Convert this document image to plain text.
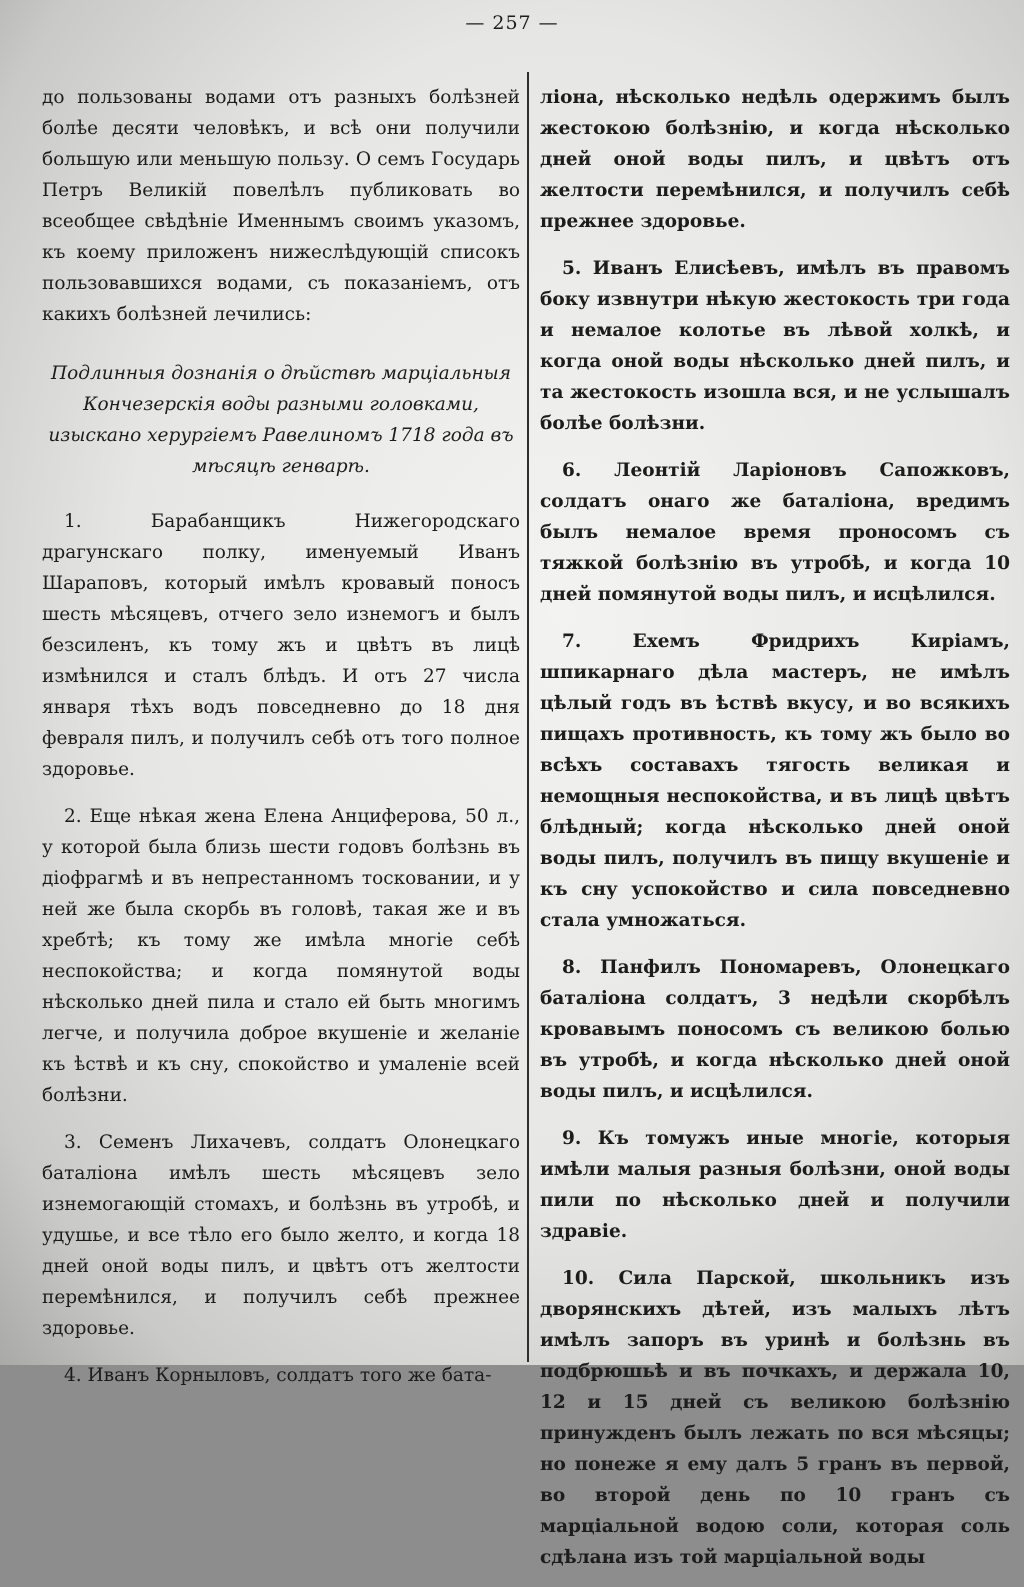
— 257 —

до пользованы водами отъ разныхъ болѣзней болѣе десяти человѣкъ, и всѣ они получили большую или меньшую пользу. О семъ Государь Петръ Великій повелѣлъ публиковать во всеобщее свѣдѣніе Именнымъ своимъ указомъ, къ коему приложенъ нижеслѣдующій списокъ пользовавшихся водами, съ показаніемъ, отъ какихъ болѣзней лечились:

Подлинныя дознанія о дѣйствѣ марціальныя Кончезерскія воды разными головками, изыскано херургіемъ Равелиномъ 1718 года въ мѣсяцѣ генварѣ.

1. Барабанщикъ Нижегородскаго драгунскаго полку, именуемый Иванъ Шараповъ, который имѣлъ кровавый поносъ шесть мѣсяцевъ, отчего зело изнемогъ и былъ безсиленъ, къ тому жъ и цвѣтъ въ лицѣ измѣнился и сталъ блѣдъ. И отъ 27 числа января тѣхъ водъ повседневно до 18 дня февраля пилъ, и получилъ себѣ отъ того полное здоровье.

2. Еще нѣкая жена Елена Анциферова, 50 л., у которой была близь шести годовъ болѣзнь въ діофрагмѣ и въ непрестанномъ тосковании, и у ней же была скорбь въ головѣ, такая же и въ хребтѣ; къ тому же имѣла многіе себѣ неспокойства; и когда помянутой воды нѣсколько дней пила и стало ей быть многимъ легче, и получила доброе вкушеніе и желаніе къ ѣствѣ и къ сну, спокойство и умаленіе всей болѣзни.

3. Семенъ Лихачевъ, солдатъ Олонецкаго баталіона имѣлъ шесть мѣсяцевъ зело изнемогающій стомахъ, и болѣзнь въ утробѣ, и удушье, и все тѣло его было желто, и когда 18 дней оной воды пилъ, и цвѣтъ отъ желтости перемѣнился, и получилъ себѣ прежнее здоровье.

4. Иванъ Корныловъ, солдатъ того же бата-

ліона, нѣсколько недѣль одержимъ былъ жестокою болѣзнію, и когда нѣсколько дней оной воды пилъ, и цвѣтъ отъ желтости перемѣнился, и получилъ себѣ прежнее здоровье.

5. Иванъ Елисѣевъ, имѣлъ въ правомъ боку извнутри нѣкую жестокость три года и немалое колотье въ лѣвой холкѣ, и когда оной воды нѣсколько дней пилъ, и та жестокость изошла вся, и не услышалъ болѣе болѣзни.

6. Леонтій Ларіоновъ Сапожковъ, солдатъ онаго же баталіона, вредимъ былъ немалое время проносомъ съ тяжкой болѣзнію въ утробѣ, и когда 10 дней помянутой воды пилъ, и исцѣлился.

7. Ехемъ Фридрихъ Киріамъ, шпикарнаго дѣла мастеръ, не имѣлъ цѣлый годъ въ ѣствѣ вкусу, и во всякихъ пищахъ противность, къ тому жъ было во всѣхъ составахъ тягость великая и немощныя неспокойства, и въ лицѣ цвѣтъ блѣдный; когда нѣсколько дней оной воды пилъ, получилъ въ пищу вкушеніе и къ сну успокойство и сила повседневно стала умножаться.

8. Панфилъ Пономаревъ, Олонецкаго баталіона солдатъ, 3 недѣли скорбѣлъ кровавымъ поносомъ съ великою болью въ утробѣ, и когда нѣсколько дней оной воды пилъ, и исцѣлился.

9. Къ томужъ иные многіе, которыя имѣли малыя разныя болѣзни, оной воды пили по нѣсколько дней и получили здравіе.

10. Сила Парской, школьникъ изъ дворянскихъ дѣтей, изъ малыхъ лѣтъ имѣлъ запоръ въ уринѣ и болѣзнь въ подбрюшьѣ и въ почкахъ, и держала 10, 12 и 15 дней съ великою болѣзнію принужденъ былъ лежать по вся мѣсяцы; но понеже я ему далъ 5 гранъ въ первой, во второй день по 10 гранъ съ марціальной водою соли, которая соль сдѣлана изъ той марціальной воды
